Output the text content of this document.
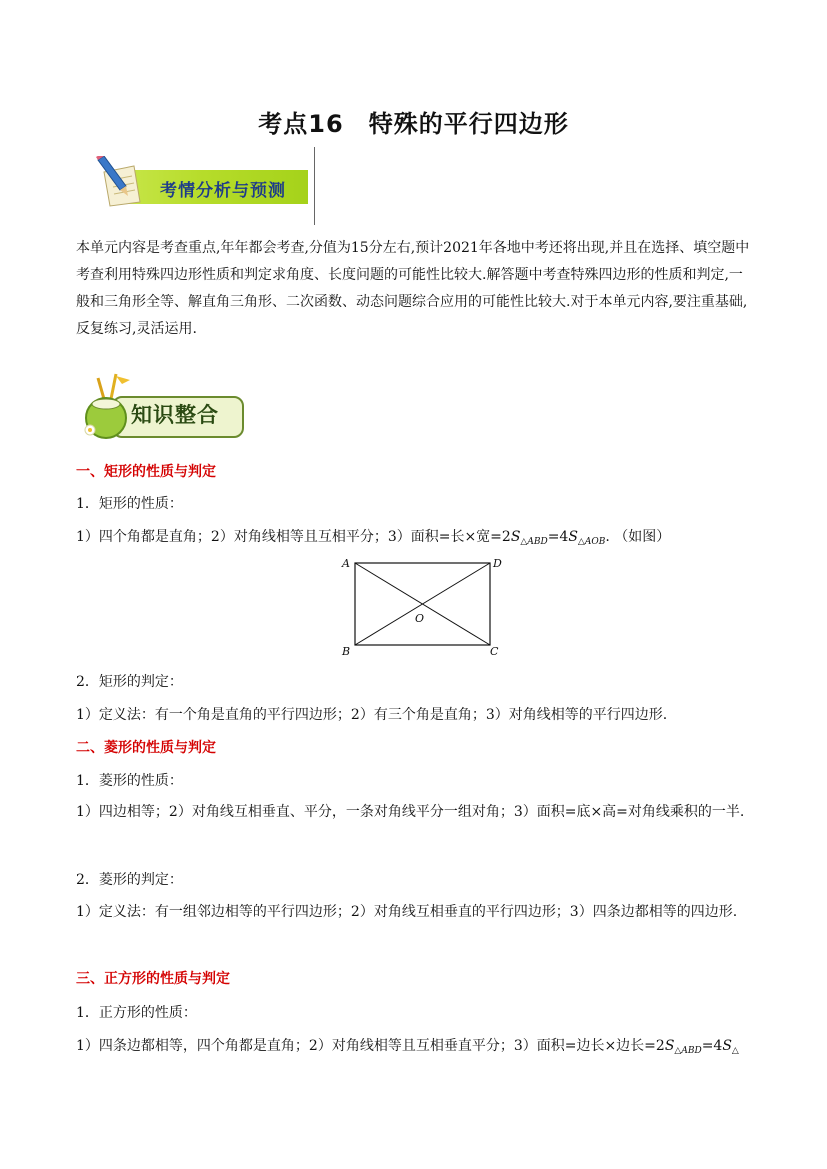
考点16　特殊的平行四边形
考情分析与预测
本单元内容是考查重点,年年都会考查,分值为15分左右,预计2021年各地中考还将出现,并且在选择、填空题中考查利用特殊四边形性质和判定求角度、长度问题的可能性比较大.解答题中考查特殊四边形的性质和判定,一般和三角形全等、解直角三角形、二次函数、动态问题综合应用的可能性比较大.对于本单元内容,要注重基础,反复练习,灵活运用.
知识整合
一、矩形的性质与判定
1．矩形的性质：
1）四个角都是直角；2）对角线相等且互相平分；3）面积=长×宽$=2S_{\triangle ABD}=4S_{\triangle AOB}$. （如图）
A	D
B	C
O
2．矩形的判定：
1）定义法：有一个角是直角的平行四边形；2）有三个角是直角；3）对角线相等的平行四边形.
二、菱形的性质与判定
1．菱形的性质：
1）四边相等；2）对角线互相垂直、平分，一条对角线平分一组对角；3）面积=底×高=对角线乘积的一半.
2．菱形的判定：
1）定义法：有一组邻边相等的平行四边形；2）对角线互相垂直的平行四边形；3）四条边都相等的四边形.
三、正方形的性质与判定
1．正方形的性质：
1）四条边都相等，四个角都是直角；2）对角线相等且互相垂直平分；3）面积=边长×边长$=2S_{\triangle ABD}=4S_\triangle$
